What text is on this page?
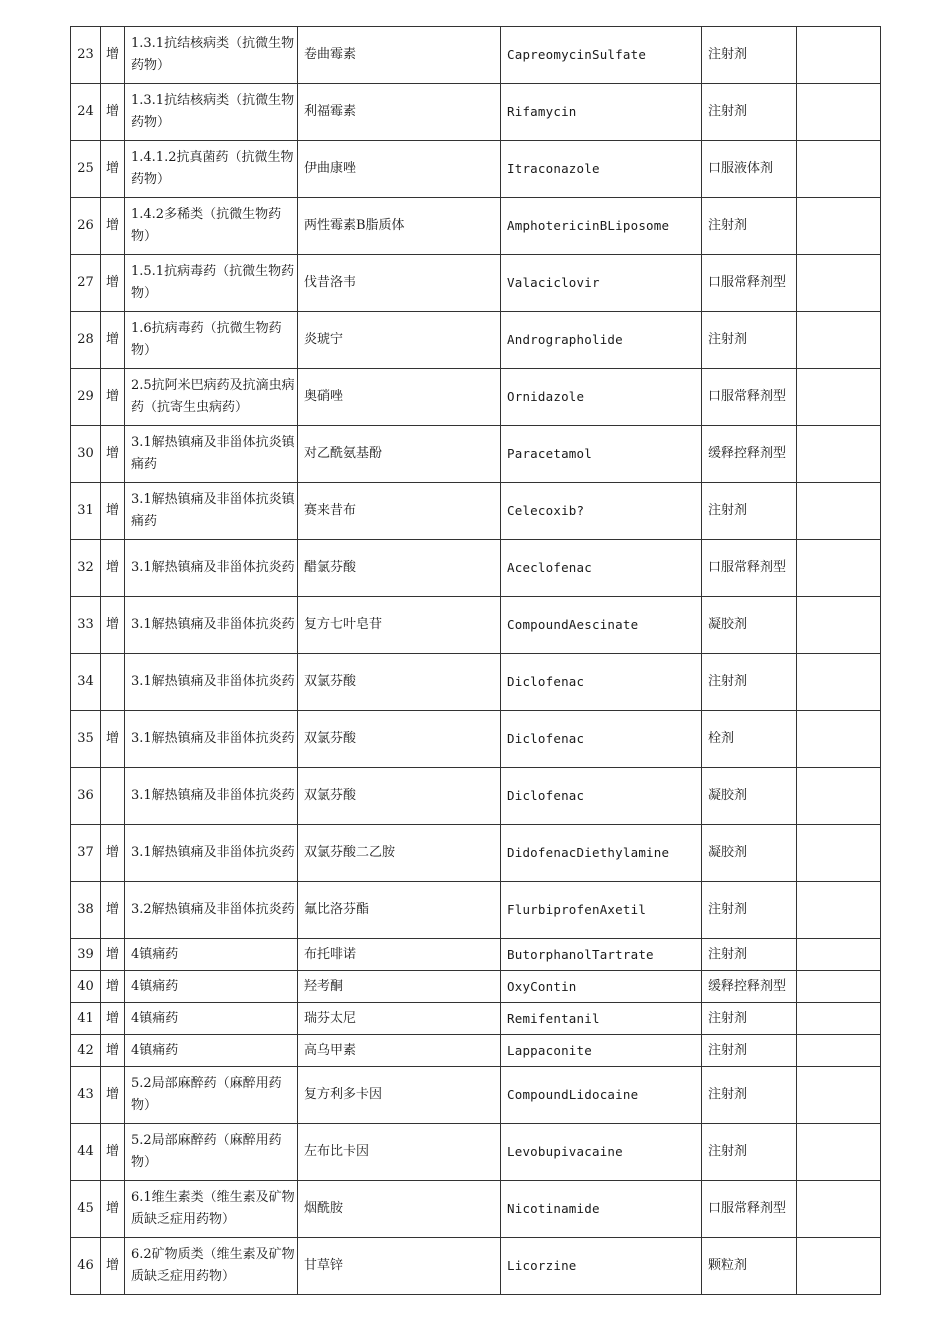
23	增	1.3.1抗结核病类（抗微生物药物）	卷曲霉素	CapreomycinSulfate	注射剂	
24	增	1.3.1抗结核病类（抗微生物药物）	利福霉素	Rifamycin	注射剂	
25	增	1.4.1.2抗真菌药（抗微生物药物）	伊曲康唑	Itraconazole	口服液体剂	
26	增	1.4.2多稀类（抗微生物药物）	两性霉素B脂质体	AmphotericinBLiposome	注射剂	
27	增	1.5.1抗病毒药（抗微生物药物）	伐昔洛韦	Valaciclovir	口服常释剂型	
28	增	1.6抗病毒药（抗微生物药物）	炎琥宁	Andrographolide	注射剂	
29	增	2.5抗阿米巴病药及抗滴虫病药（抗寄生虫病药）	奥硝唑	Ornidazole	口服常释剂型	
30	增	3.1解热镇痛及非甾体抗炎镇痛药	对乙酰氨基酚	Paracetamol	缓释控释剂型	
31	增	3.1解热镇痛及非甾体抗炎镇痛药	赛来昔布	Celecoxib?	注射剂	
32	增	3.1解热镇痛及非甾体抗炎药	醋氯芬酸	Aceclofenac	口服常释剂型	
33	增	3.1解热镇痛及非甾体抗炎药	复方七叶皂苷	CompoundAescinate	凝胶剂	
34		3.1解热镇痛及非甾体抗炎药	双氯芬酸	Diclofenac	注射剂	
35	增	3.1解热镇痛及非甾体抗炎药	双氯芬酸	Diclofenac	栓剂	
36		3.1解热镇痛及非甾体抗炎药	双氯芬酸	Diclofenac	凝胶剂	
37	增	3.1解热镇痛及非甾体抗炎药	双氯芬酸二乙胺	DidofenacDiethylamine	凝胶剂	
38	增	3.2解热镇痛及非甾体抗炎药	氟比洛芬酯	FlurbiprofenAxetil	注射剂	
39	增	4镇痛药	布托啡诺	ButorphanolTartrate	注射剂	
40	增	4镇痛药	羟考酮	OxyContin	缓释控释剂型	
41	增	4镇痛药	瑞芬太尼	Remifentanil	注射剂	
42	增	4镇痛药	高乌甲素	Lappaconite	注射剂	
43	增	5.2局部麻醉药（麻醉用药物）	复方利多卡因	CompoundLidocaine	注射剂	
44	增	5.2局部麻醉药（麻醉用药物）	左布比卡因	Levobupivacaine	注射剂	
45	增	6.1维生素类（维生素及矿物质缺乏症用药物）	烟酰胺	Nicotinamide	口服常释剂型	
46	增	6.2矿物质类（维生素及矿物质缺乏症用药物）	甘草锌	Licorzine	颗粒剂	
